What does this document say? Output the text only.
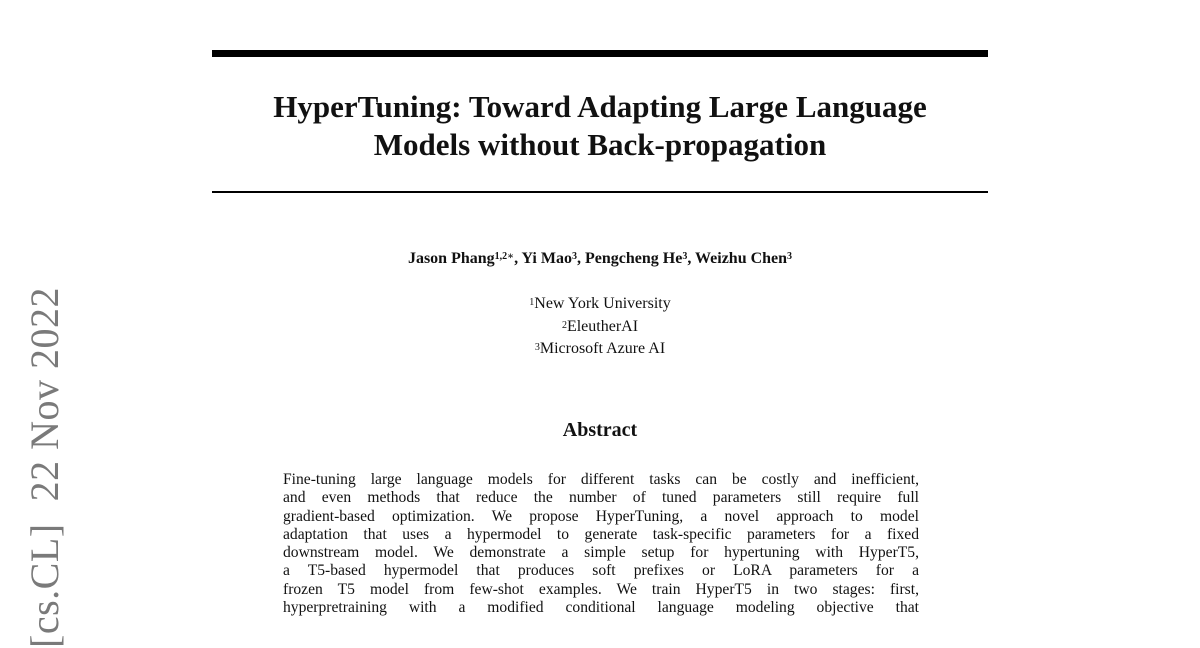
[cs.CL]22 Nov 2022
HyperTuning: Toward Adapting Large Language
Models without Back-propagation
Jason Phang$^{1,2∗}$, Yi Mao$^3$, Pengcheng He$^3$, Weizhu Chen$^3$
$^1$New York University
$^2$EleutherAI
$^3$Microsoft Azure AI
Abstract
Fine-tuning large language models for different tasks can be costly and inefficient,
and even methods that reduce the number of tuned parameters still require full
gradient-based optimization. We propose HyperTuning, a novel approach to model
adaptation that uses a hypermodel to generate task-specific parameters for a fixed
downstream model. We demonstrate a simple setup for hypertuning with HyperT5,
a T5-based hypermodel that produces soft prefixes or LoRA parameters for a
frozen T5 model from few-shot examples. We train HyperT5 in two stages: first,
hyperpretraining with a modified conditional language modeling objective that
